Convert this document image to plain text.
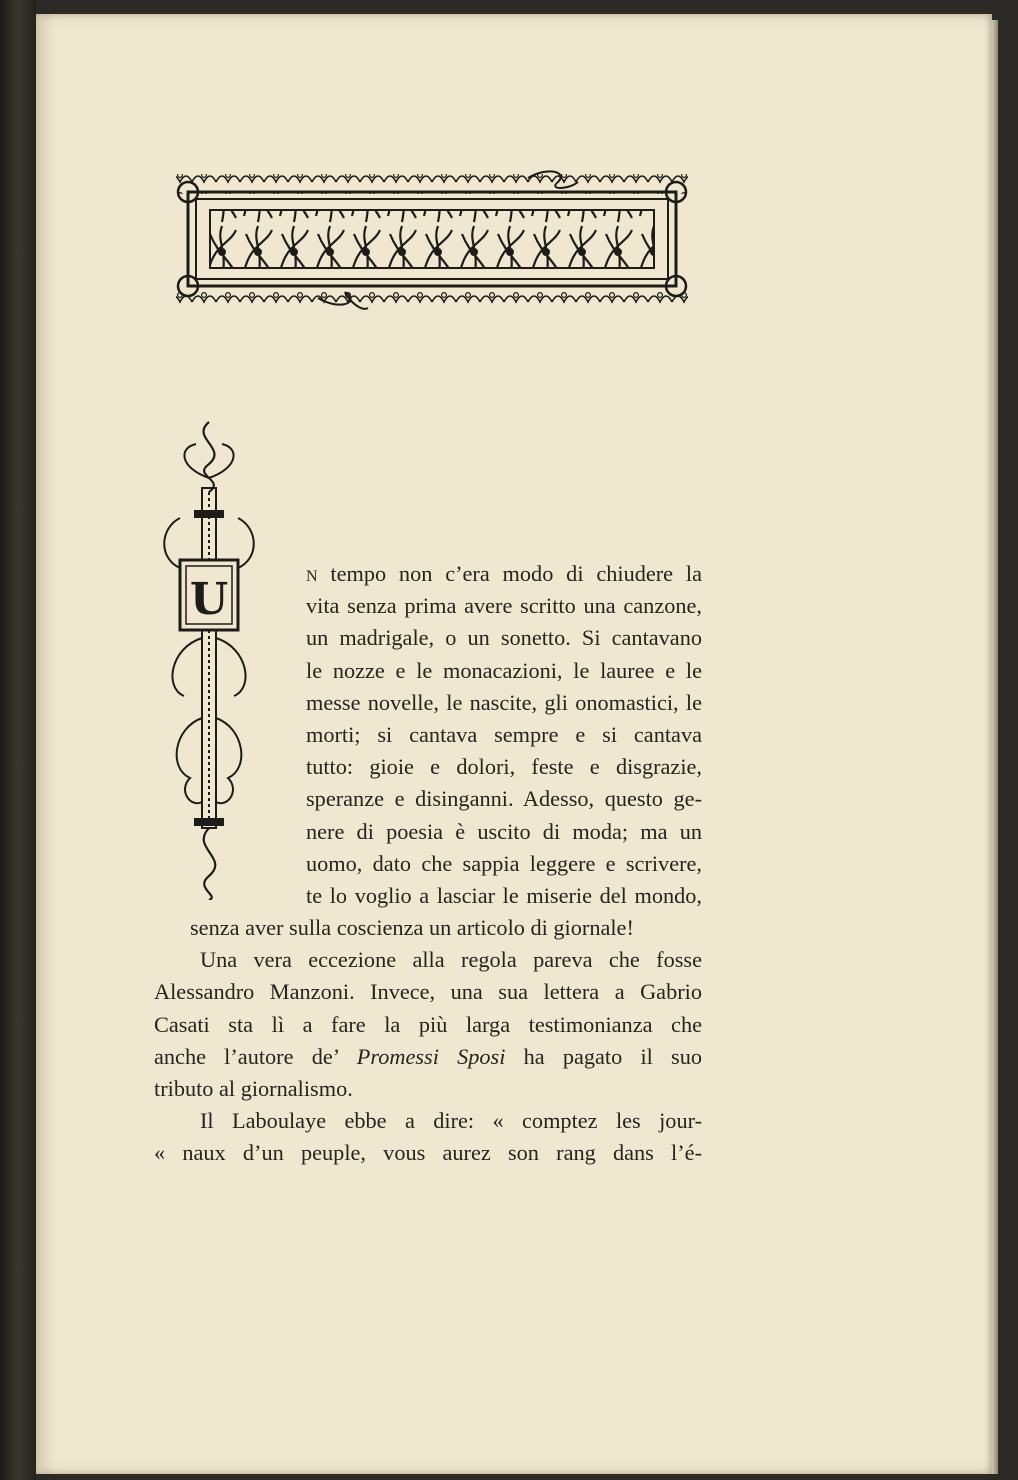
U
n tempo non c’era modo di chiudere la
vita senza prima avere scritto una canzone,
un madrigale, o un sonetto. Si cantavano
le nozze e le monacazioni, le lauree e le
messe novelle, le nascite, gli onomastici, le
morti; si cantava sempre e si cantava
tutto: gioie e dolori, feste e disgrazie,
speranze e disinganni. Adesso, questo ge-
nere di poesia è uscito di moda; ma un
uomo, dato che sappia leggere e scrivere,
te lo voglio a lasciar le miserie del mondo,
senza aver sulla coscienza un articolo di giornale!
Una vera eccezione alla regola pareva che fosse
Alessandro Manzoni. Invece, una sua lettera a Gabrio
Casati sta lì a fare la più larga testimonianza che
anche l’autore de’ Promessi Sposi ha pagato il suo
tributo al giornalismo.
Il Laboulaye ebbe a dire: « comptez les jour-
« naux d’un peuple, vous aurez son rang dans l’é-
